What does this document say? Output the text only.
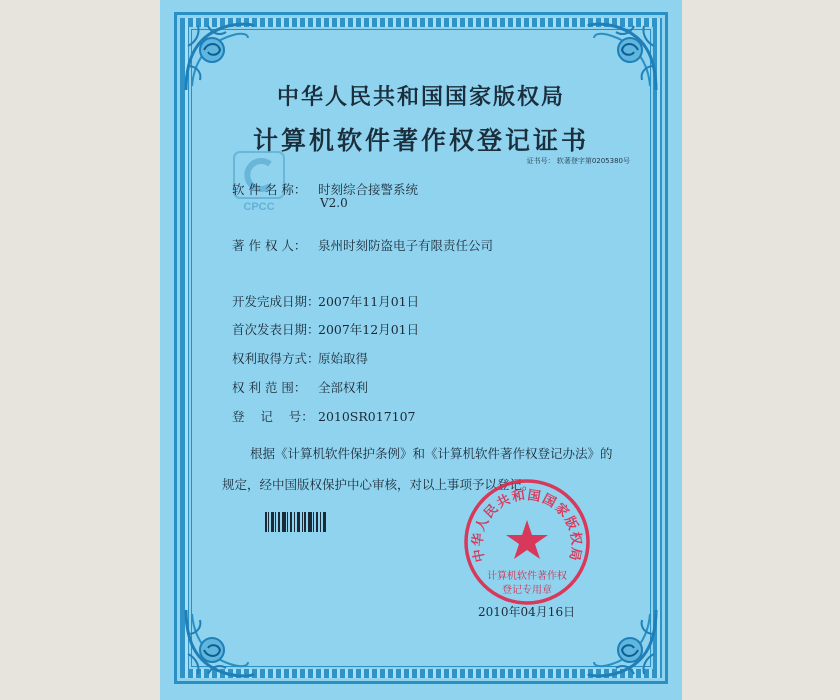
中华人民共和国国家版权局
计算机软件著作权登记证书
证书号： 软著登字第0205380号
CPCC
软 件 名 称： 时刻综合接警系统
V2.0
著 作 权 人： 泉州时刻防盗电子有限责任公司
开发完成日期：2007年11月01日
首次发表日期：2007年12月01日
权利取得方式：原始取得
权 利 范 围： 全部权利
登    记    号： 2010SR017107
根据《计算机软件保护条例》和《计算机软件著作权登记办法》的
规定，经中国版权保护中心审核，对以上事项予以登记。
中华人民共和国国家版权局
计算机软件著作权
登记专用章
2010年04月16日
